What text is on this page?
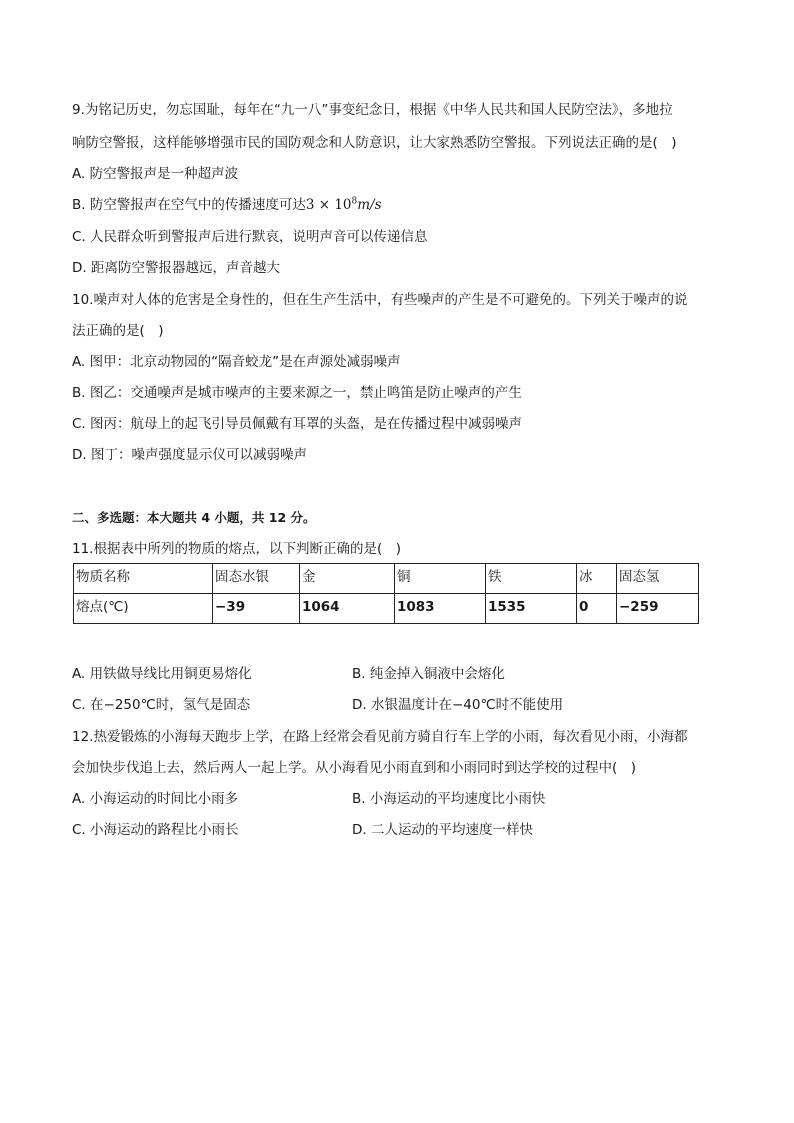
9.为铭记历史，勿忘国耻，每年在“九一八”事变纪念日，根据《中华人民共和国人民防空法》，多地拉
响防空警报，这样能够增强市民的国防观念和人防意识，让大家熟悉防空警报。下列说法正确的是(　)
A. 防空警报声是一种超声波
B. 防空警报声在空气中的传播速度可达$3 \times 10^8m/s$
C. 人民群众听到警报声后进行默哀，说明声音可以传递信息
D. 距离防空警报器越远，声音越大
10.噪声对人体的危害是全身性的，但在生产生活中，有些噪声的产生是不可避免的。下列关于噪声的说
法正确的是(　)
A. 图甲：北京动物园的“隔音蛟龙”是在声源处减弱噪声
B. 图乙：交通噪声是城市噪声的主要来源之一，禁止鸣笛是防止噪声的产生
C. 图丙：航母上的起飞引导员佩戴有耳罩的头盔，是在传播过程中减弱噪声
D. 图丁：噪声强度显示仪可以减弱噪声
二、多选题：本大题共 4 小题，共 12 分。
11.根据表中所列的物质的熔点，以下判断正确的是(　)
物质名称	固态水银	金	铜	铁	冰	固态氢
熔点(℃)	−39	1064	1083	1535	0	−259
A. 用铁做导线比用铜更易熔化	B. 纯金掉入铜液中会熔化
C. 在−250℃时，氢气是固态	D. 水银温度计在−40℃时不能使用
12.热爱锻炼的小海每天跑步上学，在路上经常会看见前方骑自行车上学的小雨，每次看见小雨，小海都
会加快步伐追上去，然后两人一起上学。从小海看见小雨直到和小雨同时到达学校的过程中(　)
A. 小海运动的时间比小雨多	B. 小海运动的平均速度比小雨快
C. 小海运动的路程比小雨长	D. 二人运动的平均速度一样快
